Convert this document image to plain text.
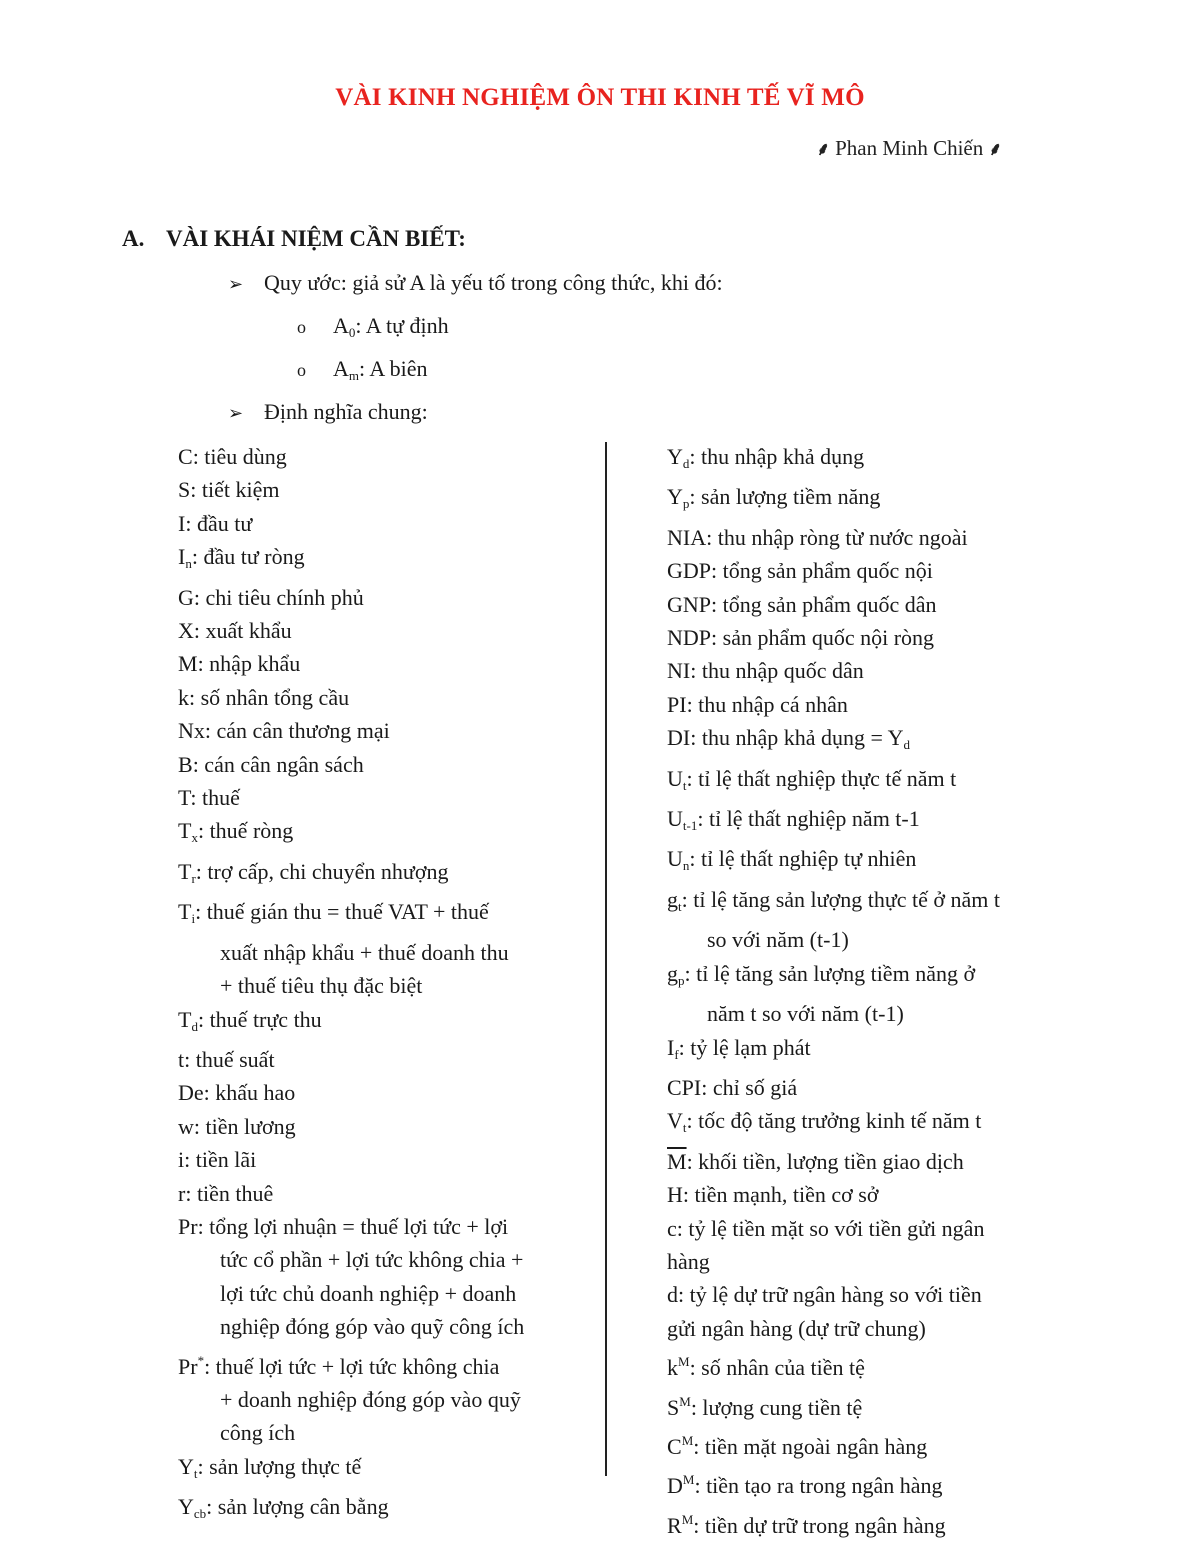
VÀI KINH NGHIỆM ÔN THI KINH TẾ VĨ MÔ
⸙ Phan Minh Chiến ⸙
A. VÀI KHÁI NIỆM CẦN BIẾT:
➢ Quy ước: giả sử A là yếu tố trong công thức, khi đó:
o $A_0$: A tự định
o $A_m$: A biên
➢ Định nghĩa chung:
C: tiêu dùng
S: tiết kiệm
I: đầu tư
$I_n$: đầu tư ròng
G: chi tiêu chính phủ
X: xuất khẩu
M: nhập khẩu
k: số nhân tổng cầu
Nx: cán cân thương mại
B: cán cân ngân sách
T: thuế
$T_x$: thuế ròng
$T_r$: trợ cấp, chi chuyển nhượng
$T_i$: thuế gián thu = thuế VAT + thuế
xuất nhập khẩu + thuế doanh thu
+ thuế tiêu thụ đặc biệt
$T_d$: thuế trực thu
t: thuế suất
De: khấu hao
w: tiền lương
i: tiền lãi
r: tiền thuê
Pr: tổng lợi nhuận = thuế lợi tức + lợi
tức cổ phần + lợi tức không chia +
lợi tức chủ doanh nghiệp + doanh
nghiệp đóng góp vào quỹ công ích
Pr*: thuế lợi tức + lợi tức không chia
+ doanh nghiệp đóng góp vào quỹ
công ích
$Y_t$: sản lượng thực tế
$Y_{cb}$: sản lượng cân bằng
$Y_d$: thu nhập khả dụng
$Y_p$: sản lượng tiềm năng
NIA: thu nhập ròng từ nước ngoài
GDP: tổng sản phẩm quốc nội
GNP: tổng sản phẩm quốc dân
NDP: sản phẩm quốc nội ròng
NI: thu nhập quốc dân
PI: thu nhập cá nhân
DI: thu nhập khả dụng = $Y_d$
$U_t$: tỉ lệ thất nghiệp thực tế năm t
$U_{t-1}$: tỉ lệ thất nghiệp năm t-1
$U_n$: tỉ lệ thất nghiệp tự nhiên
$g_t$: tỉ lệ tăng sản lượng thực tế ở năm t
so với năm (t-1)
$g_p$: tỉ lệ tăng sản lượng tiềm năng ở
năm t so với năm (t-1)
$I_f$: tỷ lệ lạm phát
CPI: chỉ số giá
$V_t$: tốc độ tăng trưởng kinh tế năm t
$\overline{M}$: khối tiền, lượng tiền giao dịch
H: tiền mạnh, tiền cơ sở
c: tỷ lệ tiền mặt so với tiền gửi ngân
hàng
d: tỷ lệ dự trữ ngân hàng so với tiền
gửi ngân hàng (dự trữ chung)
$k^M$: số nhân của tiền tệ
$S^M$: lượng cung tiền tệ
$C^M$: tiền mặt ngoài ngân hàng
$D^M$: tiền tạo ra trong ngân hàng
$R^M$: tiền dự trữ trong ngân hàng
